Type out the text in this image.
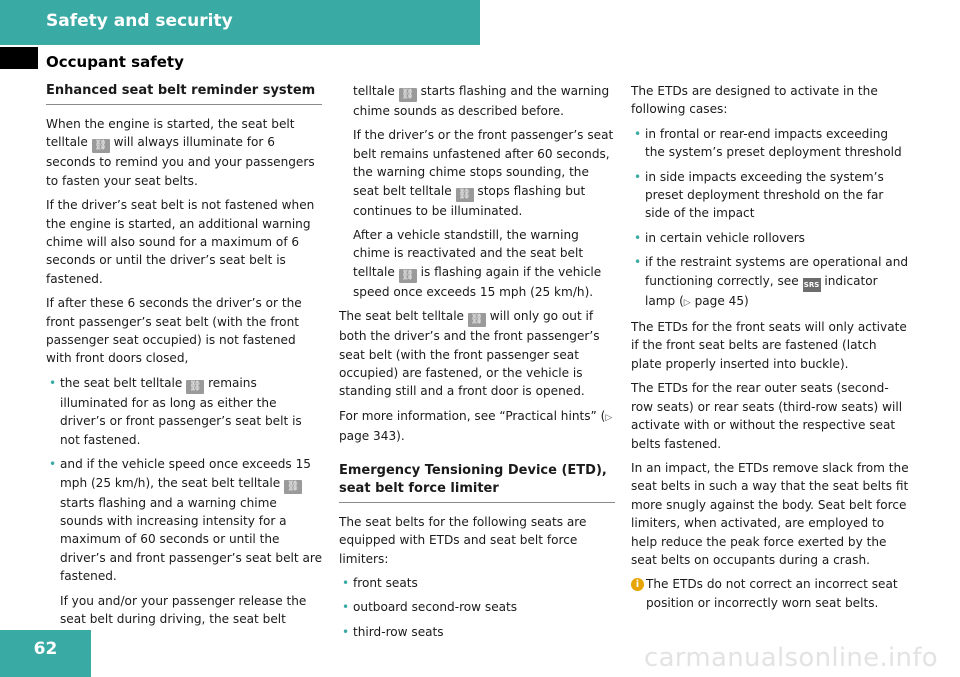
Safety and security
Occupant safety
Enhanced seat belt reminder system

When the engine is started, the seat belt telltale ⛓ will always illuminate for 6 seconds to remind you and your passengers to fasten your seat belts.

If the driver’s seat belt is not fastened when the engine is started, an additional warning chime will also sound for a maximum of 6 seconds or until the driver’s seat belt is fastened.

If after these 6 seconds the driver’s or the front passenger’s seat belt (with the front passenger seat occupied) is not fastened with front doors closed,

• the seat belt telltale ⛓ remains illuminated for as long as either the driver’s or front passenger’s seat belt is not fastened.
• and if the vehicle speed once exceeds 15 mph (25 km/h), the seat belt telltale ⛓ starts flashing and a warning chime sounds with increasing intensity for a maximum of 60 seconds or until the driver’s and front passenger’s seat belt are fastened.

If you and/or your passenger release the seat belt during driving, the seat belt

telltale ⛓ starts flashing and the warning chime sounds as described before.

If the driver’s or the front passenger’s seat belt remains unfastened after 60 seconds, the warning chime stops sounding, the seat belt telltale ⛓ stops flashing but continues to be illuminated.

After a vehicle standstill, the warning chime is reactivated and the seat belt telltale ⛓ is flashing again if the vehicle speed once exceeds 15 mph (25 km/h).

The seat belt telltale ⛓ will only go out if both the driver’s and the front passenger’s seat belt (with the front passenger seat occupied) are fastened, or the vehicle is standing still and a front door is opened.

For more information, see “Practical hints” (▷ page 343).

Emergency Tensioning Device (ETD), seat belt force limiter

The seat belts for the following seats are equipped with ETDs and seat belt force limiters:

• front seats
• outboard second-row seats
• third-row seats

The ETDs are designed to activate in the following cases:

• in frontal or rear-end impacts exceeding the system’s preset deployment threshold
• in side impacts exceeding the system’s preset deployment threshold on the far side of the impact
• in certain vehicle rollovers
• if the restraint systems are operational and functioning correctly, see SRS indicator lamp (▷ page 45)

The ETDs for the front seats will only activate if the front seat belts are fastened (latch plate properly inserted into buckle).

The ETDs for the rear outer seats (second-row seats) or rear seats (third-row seats) will activate with or without the respective seat belts fastened.

In an impact, the ETDs remove slack from the seat belts in such a way that the seat belts fit more snugly against the body. Seat belt force limiters, when activated, are employed to help reduce the peak force exerted by the seat belts on occupants during a crash.

i The ETDs do not correct an incorrect seat position or incorrectly worn seat belts.

62	carmanualsonline.info
